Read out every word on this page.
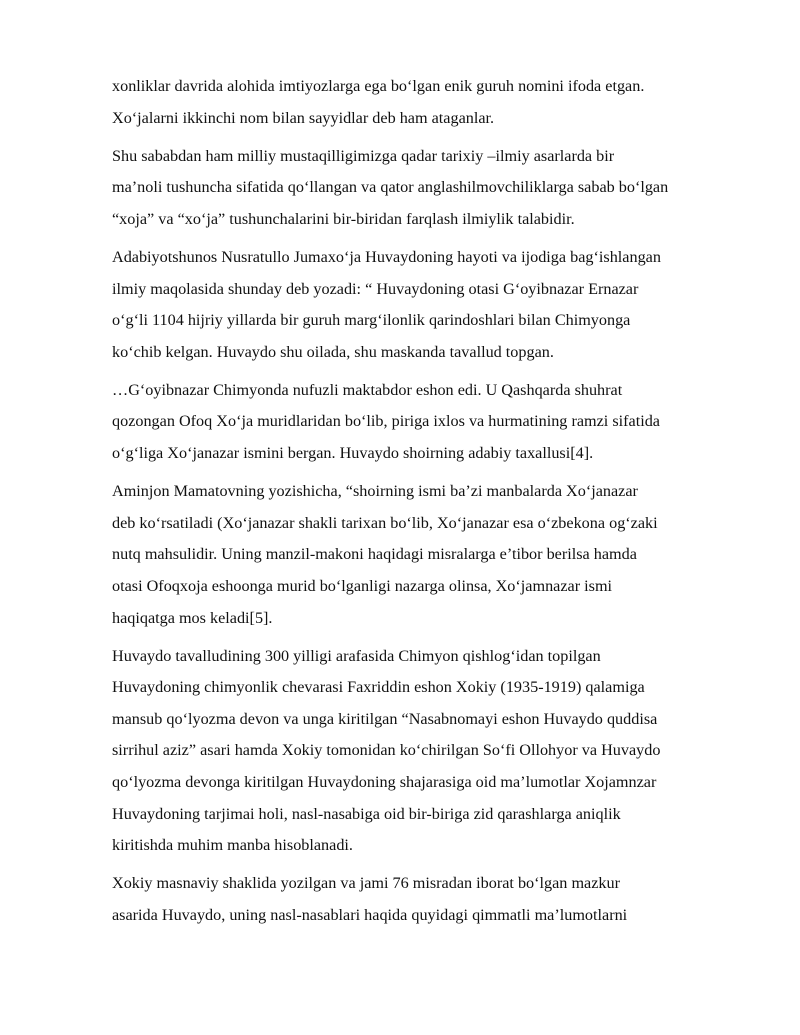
xonliklar davrida alohida imtiyozlarga ega bo‘lgan enik guruh nomini ifoda etgan.
Xo‘jalarni ikkinchi nom bilan sayyidlar deb ham ataganlar.

Shu sababdan ham milliy mustaqilligimizga qadar tarixiy –ilmiy asarlarda bir
ma’noli tushuncha sifatida qo‘llangan va qator anglashilmovchiliklarga sabab bo‘lgan
“xoja” va “xo‘ja” tushunchalarini bir-biridan farqlash ilmiylik talabidir.

Adabiyotshunos Nusratullo Jumaxo‘ja Huvaydoning hayoti va ijodiga bag‘ishlangan
ilmiy maqolasida shunday deb yozadi: “ Huvaydoning otasi G‘oyibnazar Ernazar
o‘g‘li 1104 hijriy yillarda bir guruh marg‘ilonlik qarindoshlari bilan Chimyonga
ko‘chib kelgan. Huvaydo shu oilada, shu maskanda tavallud topgan.

…G‘oyibnazar Chimyonda nufuzli maktabdor eshon edi. U Qashqarda shuhrat
qozongan Ofoq Xo‘ja muridlaridan bo‘lib, piriga ixlos va hurmatining ramzi sifatida
o‘g‘liga Xo‘janazar ismini bergan. Huvaydo shoirning adabiy taxallusi[4].

Aminjon Mamatovning yozishicha, “shoirning ismi ba’zi manbalarda Xo‘janazar
deb ko‘rsatiladi (Xo‘janazar shakli tarixan bo‘lib, Xo‘janazar esa o‘zbekona og‘zaki
nutq mahsulidir. Uning manzil-makoni haqidagi misralarga e’tibor berilsa hamda
otasi Ofoqxoja eshoonga murid bo‘lganligi nazarga olinsa, Xo‘jamnazar ismi
haqiqatga mos keladi[5].

Huvaydo tavalludining 300 yilligi arafasida Chimyon qishlog‘idan topilgan
Huvaydoning chimyonlik chevarasi Faxriddin eshon Xokiy (1935-1919) qalamiga
mansub qo‘lyozma devon va unga kiritilgan “Nasabnomayi eshon Huvaydo quddisa
sirrihul aziz” asari hamda Xokiy tomonidan ko‘chirilgan So‘fi Ollohyor va Huvaydo
qo‘lyozma devonga kiritilgan Huvaydoning shajarasiga oid ma’lumotlar Xojamnzar
Huvaydoning tarjimai holi, nasl-nasabiga oid bir-biriga zid qarashlarga aniqlik
kiritishda muhim manba hisoblanadi.

Xokiy masnaviy shaklida yozilgan va jami 76 misradan iborat bo‘lgan mazkur
asarida Huvaydo, uning nasl-nasablari haqida quyidagi qimmatli ma’lumotlarni
